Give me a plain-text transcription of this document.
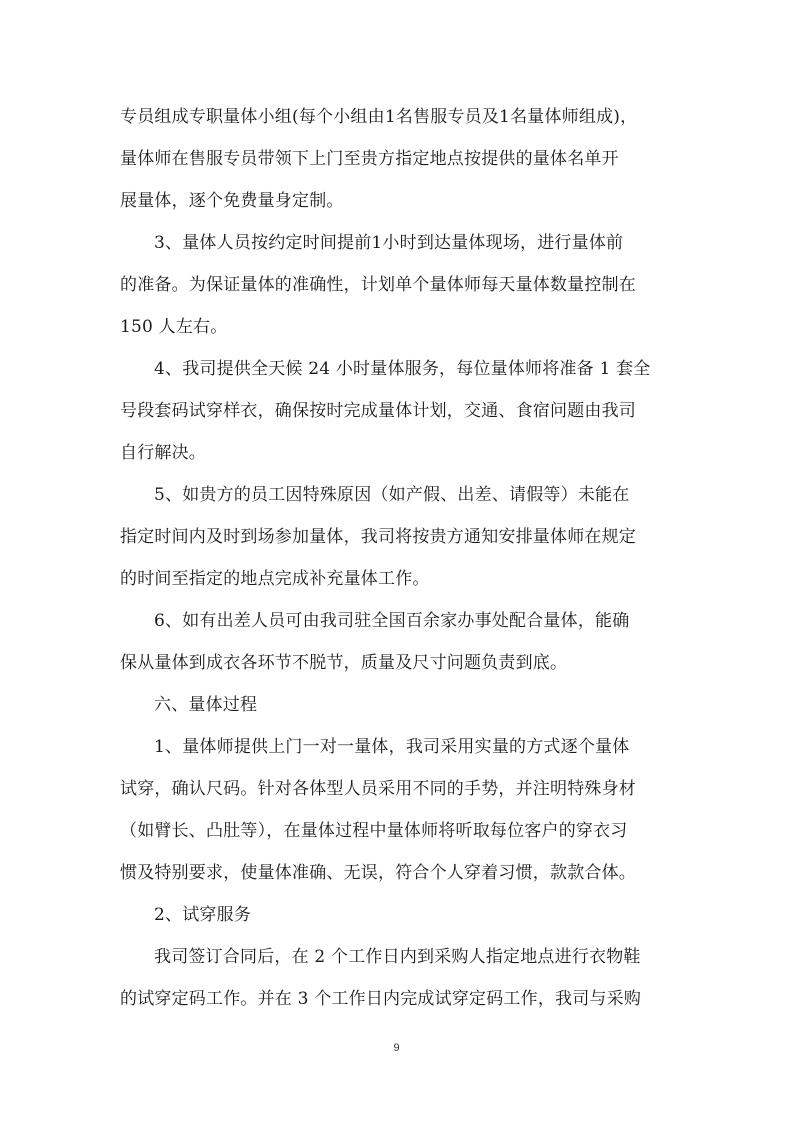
专员组成专职量体小组(每个小组由1名售服专员及1名量体师组成)，
量体师在售服专员带领下上门至贵方指定地点按提供的量体名单开
展量体，逐个免费量身定制。
3、量体人员按约定时间提前1小时到达量体现场，进行量体前
的准备。为保证量体的准确性，计划单个量体师每天量体数量控制在
150 人左右。
4、我司提供全天候 24 小时量体服务，每位量体师将准备 1 套全
号段套码试穿样衣，确保按时完成量体计划，交通、食宿问题由我司
自行解决。
5、如贵方的员工因特殊原因（如产假、出差、请假等）未能在
指定时间内及时到场参加量体，我司将按贵方通知安排量体师在规定
的时间至指定的地点完成补充量体工作。
6、如有出差人员可由我司驻全国百余家办事处配合量体，能确
保从量体到成衣各环节不脱节，质量及尺寸问题负责到底。
六、量体过程
1、量体师提供上门一对一量体，我司采用实量的方式逐个量体
试穿，确认尺码。针对各体型人员采用不同的手势，并注明特殊身材
（如臂长、凸肚等），在量体过程中量体师将听取每位客户的穿衣习
惯及特别要求，使量体准确、无误，符合个人穿着习惯，款款合体。
2、试穿服务
我司签订合同后，在 2 个工作日内到采购人指定地点进行衣物鞋
的试穿定码工作。并在 3 个工作日内完成试穿定码工作，我司与采购
9
